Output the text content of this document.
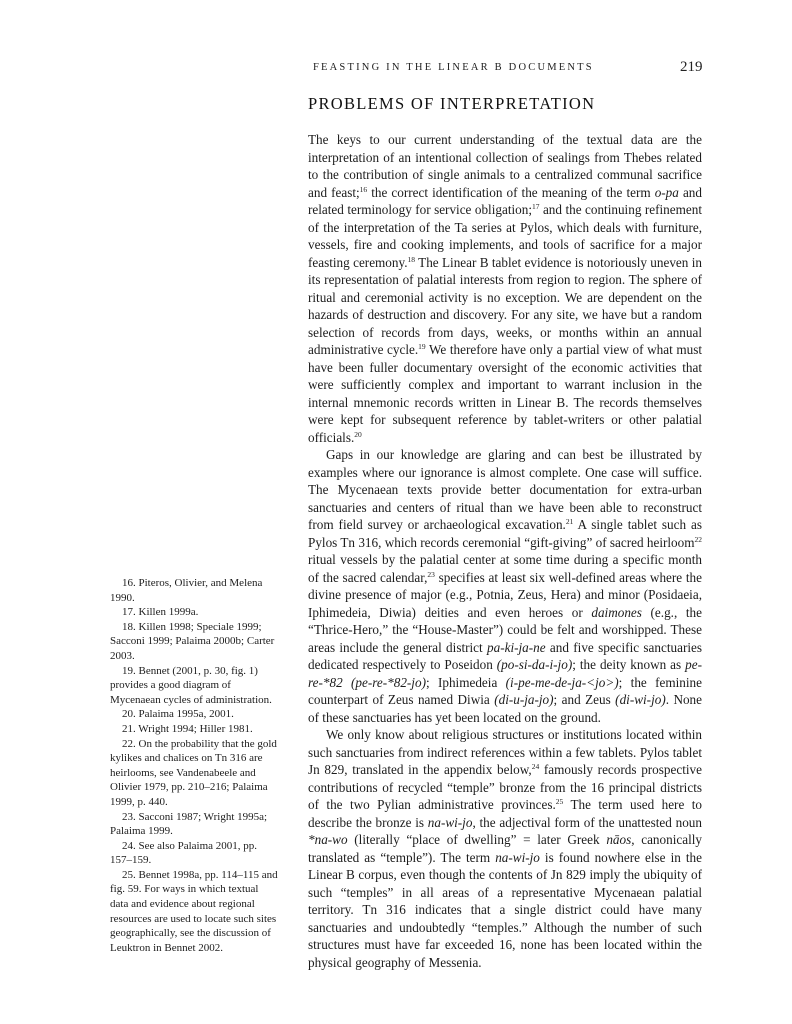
FEASTING IN THE LINEAR B DOCUMENTS	219
PROBLEMS OF INTERPRETATION

The keys to our current understanding of the textual data are the interpretation of an intentional collection of sealings from Thebes related to the contribution of single animals to a centralized communal sacrifice and feast;$^{16}$ the correct identification of the meaning of the term o-pa and related terminology for service obligation;$^{17}$ and the continuing refinement of the interpretation of the Ta series at Pylos, which deals with furniture, vessels, fire and cooking implements, and tools of sacrifice for a major feasting ceremony.$^{18}$ The Linear B tablet evidence is notoriously uneven in its representation of palatial interests from region to region. The sphere of ritual and ceremonial activity is no exception. We are dependent on the hazards of destruction and discovery. For any site, we have but a random selection of records from days, weeks, or months within an annual administrative cycle.$^{19}$ We therefore have only a partial view of what must have been fuller documentary oversight of the economic activities that were sufficiently complex and important to warrant inclusion in the internal mnemonic records written in Linear B. The records themselves were kept for subsequent reference by tablet-writers or other palatial officials.$^{20}$

Gaps in our knowledge are glaring and can best be illustrated by examples where our ignorance is almost complete. One case will suffice. The Mycenaean texts provide better documentation for extra-urban sanctuaries and centers of ritual than we have been able to reconstruct from field survey or archaeological excavation.$^{21}$ A single tablet such as Pylos Tn 316, which records ceremonial “gift-giving” of sacred heirloom$^{22}$ ritual vessels by the palatial center at some time during a specific month of the sacred calendar,$^{23}$ specifies at least six well-defined areas where the divine presence of major (e.g., Potnia, Zeus, Hera) and minor (Posidaeia, Iphimedeia, Diwia) deities and even heroes or daimones (e.g., the “Thrice-Hero,” the “House-Master”) could be felt and worshipped. These areas include the general district pa-ki-ja-ne and five specific sanctuaries dedicated respectively to Poseidon (po-si-da-i-jo); the deity known as pe-re-*82 (pe-re-*82-jo); Iphimedeia (i-pe-me-de-ja-<jo>); the feminine counterpart of Zeus named Diwia (di-u-ja-jo); and Zeus (di-wi-jo). None of these sanctuaries has yet been located on the ground.

We only know about religious structures or institutions located within such sanctuaries from indirect references within a few tablets. Pylos tablet Jn 829, translated in the appendix below,$^{24}$ famously records prospective contributions of recycled “temple” bronze from the 16 principal districts of the two Pylian administrative provinces.$^{25}$ The term used here to describe the bronze is na-wi-jo, the adjectival form of the unattested noun *na-wo (literally “place of dwelling” = later Greek nāos, canonically translated as “temple”). The term na-wi-jo is found nowhere else in the Linear B corpus, even though the contents of Jn 829 imply the ubiquity of such “temples” in all areas of a representative Mycenaean palatial territory. Tn 316 indicates that a single district could have many sanctuaries and undoubtedly “temples.” Although the number of such structures must have far exceeded 16, none has been located within the physical geography of Messenia.

16. Piteros, Olivier, and Melena 1990.

17. Killen 1999a.

18. Killen 1998; Speciale 1999; Sacconi 1999; Palaima 2000b; Carter 2003.

19. Bennet (2001, p. 30, fig. 1) provides a good diagram of Mycenaean cycles of administration.

20. Palaima 1995a, 2001.

21. Wright 1994; Hiller 1981.

22. On the probability that the gold kylikes and chalices on Tn 316 are heirlooms, see Vandenabeele and Olivier 1979, pp. 210–216; Palaima 1999, p. 440.

23. Sacconi 1987; Wright 1995a; Palaima 1999.

24. See also Palaima 2001, pp. 157–159.

25. Bennet 1998a, pp. 114–115 and fig. 59. For ways in which textual data and evidence about regional resources are used to locate such sites geographically, see the discussion of Leuktron in Bennet 2002.
